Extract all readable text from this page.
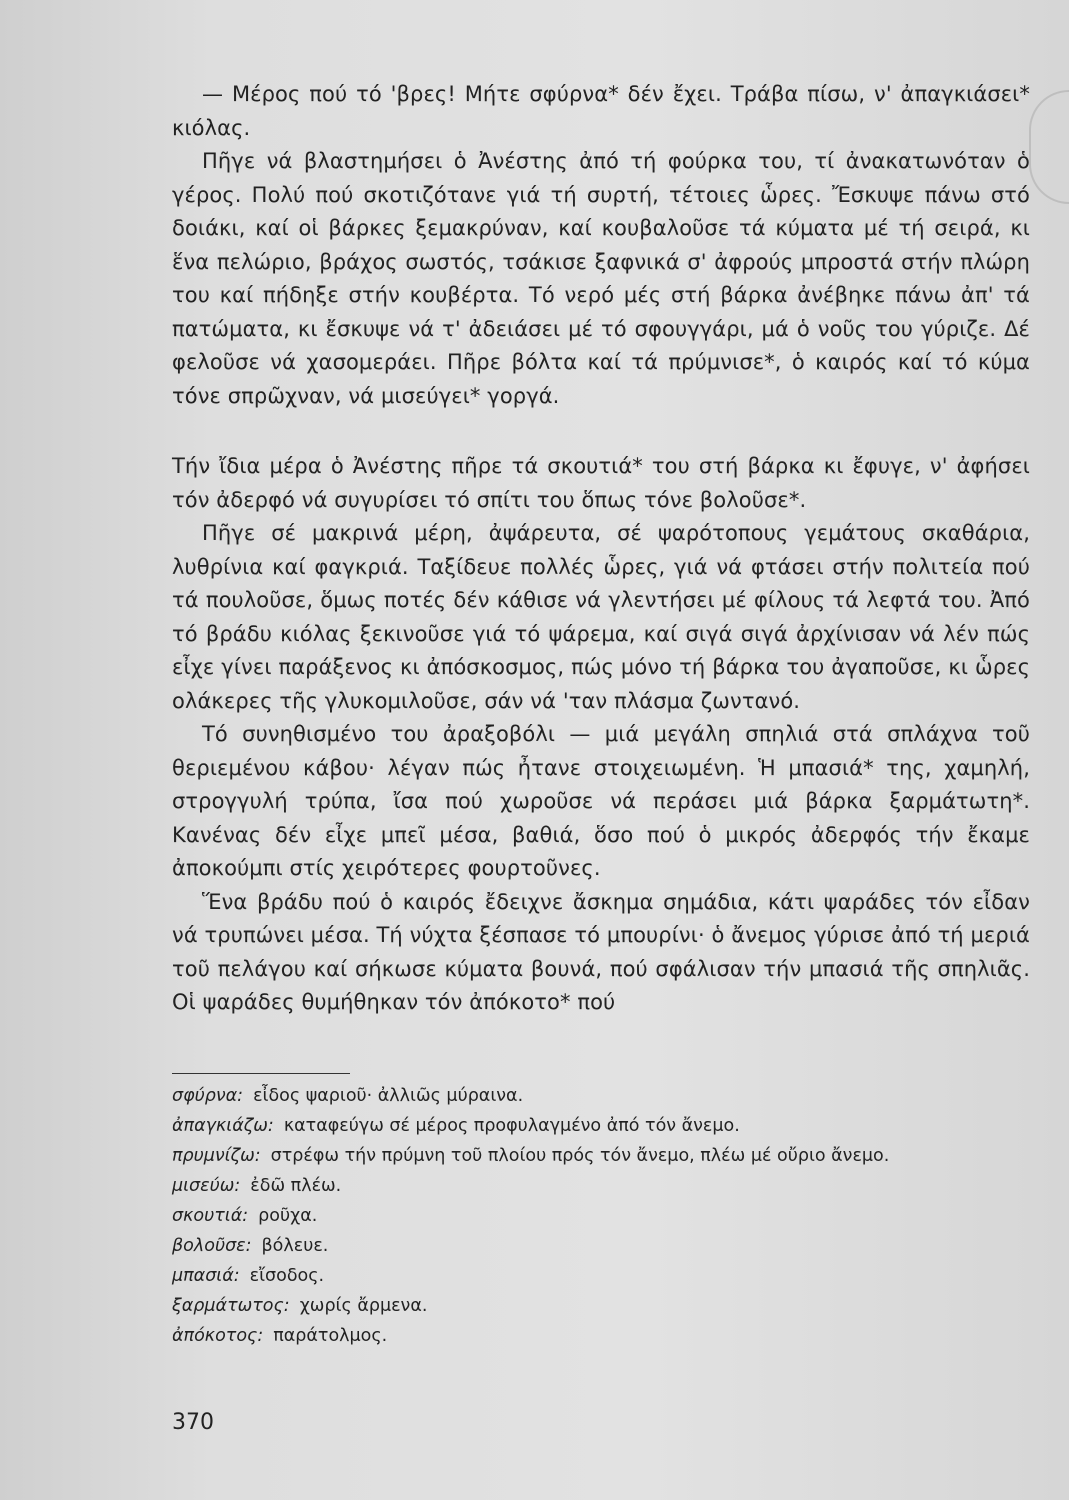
— Μέρος πού τό 'βρες! Μήτε σφύρνα* δέν ἔχει. Τράβα πίσω, ν' ἀπαγκιάσει* κιόλας.

Πῆγε νά βλαστημήσει ὁ Ἀνέστης ἀπό τή φούρκα του, τί ἀνακατωνόταν ὁ γέρος. Πολύ πού σκοτιζότανε γιά τή συρτή, τέτοιες ὧρες. Ἔσκυψε πάνω στό δοιάκι, καί οἱ βάρκες ξεμακρύναν, καί κουβαλοῦσε τά κύματα μέ τή σειρά, κι ἕνα πελώριο, βράχος σωστός, τσάκισε ξαφνικά σ' ἀφρούς μπροστά στήν πλώρη του καί πήδηξε στήν κουβέρτα. Τό νερό μές στή βάρκα ἀνέβηκε πάνω ἀπ' τά πατώματα, κι ἔσκυψε νά τ' ἀδειάσει μέ τό σφουγγάρι, μά ὁ νοῦς του γύριζε. Δέ φελοῦσε νά χασομεράει. Πῆρε βόλτα καί τά πρύμνισε*, ὁ καιρός καί τό κύμα τόνε σπρῶχναν, νά μισεύγει* γοργά.

Τήν ἴδια μέρα ὁ Ἀνέστης πῆρε τά σκουτιά* του στή βάρκα κι ἔφυγε, ν' ἀφήσει τόν ἀδερφό νά συγυρίσει τό σπίτι του ὅπως τόνε βολοῦσε*.

Πῆγε σέ μακρινά μέρη, ἀψάρευτα, σέ ψαρότοπους γεμάτους σκαθάρια, λυθρίνια καί φαγκριά. Ταξίδευε πολλές ὧρες, γιά νά φτάσει στήν πολιτεία πού τά πουλοῦσε, ὅμως ποτές δέν κάθισε νά γλεντήσει μέ φίλους τά λεφτά του. Ἀπό τό βράδυ κιόλας ξεκινοῦσε γιά τό ψάρεμα, καί σιγά σιγά ἀρχίνισαν νά λέν πώς εἶχε γίνει παράξενος κι ἀπόσκοσμος, πώς μόνο τή βάρκα του ἀγαποῦσε, κι ὧρες ολάκερες τῆς γλυκομιλοῦσε, σάν νά 'ταν πλάσμα ζωντανό.

Τό συνηθισμένο του ἀραξοβόλι — μιά μεγάλη σπηλιά στά σπλάχνα τοῦ θεριεμένου κάβου· λέγαν πώς ἦτανε στοιχειωμένη. Ἡ μπασιά* της, χαμηλή, στρογγυλή τρύπα, ἴσα πού χωροῦσε νά περάσει μιά βάρκα ξαρμάτωτη*. Κανένας δέν εἶχε μπεῖ μέσα, βαθιά, ὅσο πού ὁ μικρός ἀδερφός τήν ἔκαμε ἀποκούμπι στίς χειρότερες φουρτοῦνες.

Ἕνα βράδυ πού ὁ καιρός ἔδειχνε ἄσκημα σημάδια, κάτι ψαράδες τόν εἶδαν νά τρυπώνει μέσα. Τή νύχτα ξέσπασε τό μπουρίνι· ὁ ἄνεμος γύρισε ἀπό τή μεριά τοῦ πελάγου καί σήκωσε κύματα βουνά, πού σφάλισαν τήν μπασιά τῆς σπηλιᾶς. Οἱ ψαράδες θυμήθηκαν τόν ἀπόκοτο* πού

σφύρνα: εἶδος ψαριοῦ· ἀλλιῶς μύραινα.
ἀπαγκιάζω: καταφεύγω σέ μέρος προφυλαγμένο ἀπό τόν ἄνεμο.
πρυμνίζω: στρέφω τήν πρύμνη τοῦ πλοίου πρός τόν ἄνεμο, πλέω μέ οὔριο ἄνεμο.
μισεύω: ἐδῶ πλέω.
σκουτιά: ροῦχα.
βολοῦσε: βόλευε.
μπασιά: εἴσοδος.
ξαρμάτωτος: χωρίς ἄρμενα.
ἀπόκοτος: παράτολμος.
370
